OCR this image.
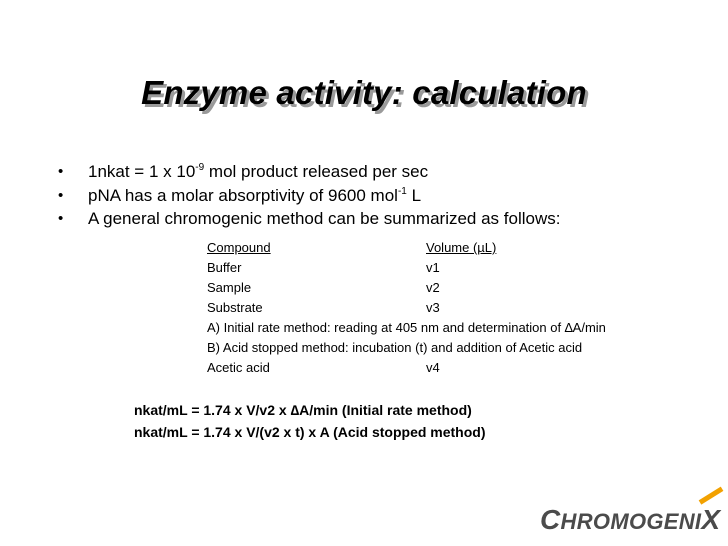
Enzyme activity: calculation
• 1nkat = 1 x $10^{-9}$ mol product released per sec
• pNA has a molar absorptivity of 9600 mol$^{-1}$ L
• A general chromogenic method can be summarized as follows:
Compound	Volume (µL)
Buffer	v1
Sample	v2
Substrate	v3
A) Initial rate method: reading at 405 nm and determination of ∆A/min
B) Acid stopped method: incubation (t) and addition of Acetic acid
Acetic acid	v4
nkat/mL = 1.74 x V/v2 x ∆A/min (Initial rate method)
nkat/mL = 1.74 x V/(v2 x t) x A (Acid stopped method)
CHROMOGENIX
